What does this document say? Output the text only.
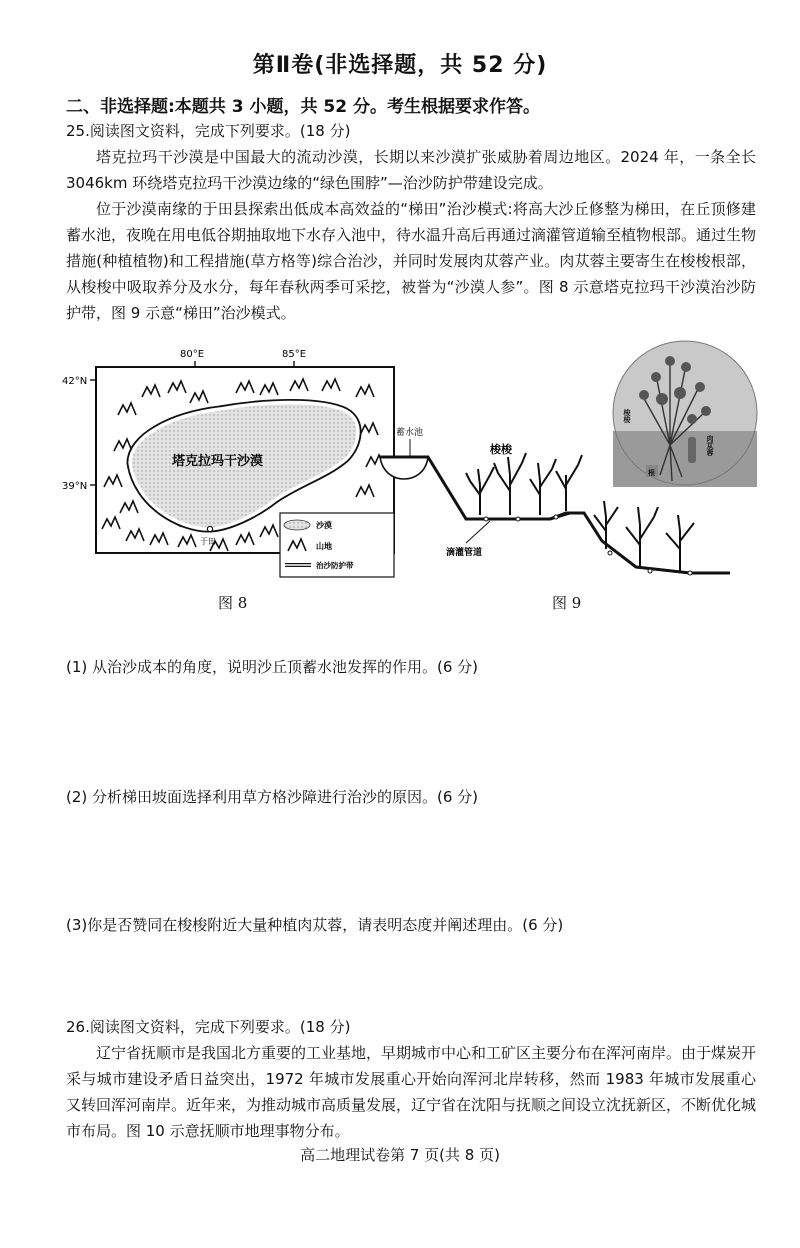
第Ⅱ卷(非选择题，共 52 分)
二、非选择题:本题共 3 小题，共 52 分。考生根据要求作答。
25.阅读图文资料，完成下列要求。(18 分)

塔克拉玛干沙漠是中国最大的流动沙漠，长期以来沙漠扩张威胁着周边地区。2024 年，一条全长 3046km 环绕塔克拉玛干沙漠边缘的“绿色围脖”—治沙防护带建设完成。

位于沙漠南缘的于田县探索出低成本高效益的“梯田”治沙模式:将高大沙丘修整为梯田，在丘顶修建蓄水池，夜晚在用电低谷期抽取地下水存入池中，待水温升高后再通过滴灌管道输至植物根部。通过生物措施(种植植物)和工程措施(草方格等)综合治沙，并同时发展肉苁蓉产业。肉苁蓉主要寄生在梭梭根部，从梭梭中吸取养分及水分，每年春秋两季可采挖，被誉为“沙漠人参”。图 8 示意塔克拉玛干沙漠治沙防护带，图 9 示意“梯田”治沙模式。

80°E	85°E
42°N
39°N
塔克拉玛干沙漠
于田
沙漠
山地
治沙防护带
图 8
蓄水池
梭梭
滴灌管道
梭梭
肉苁蓉
根
图 9
(1) 从治沙成本的角度，说明沙丘顶蓄水池发挥的作用。(6 分)
(2) 分析梯田坡面选择利用草方格沙障进行治沙的原因。(6 分)
(3)你是否赞同在梭梭附近大量种植肉苁蓉，请表明态度并阐述理由。(6 分)
26.阅读图文资料，完成下列要求。(18 分)

辽宁省抚顺市是我国北方重要的工业基地，早期城市中心和工矿区主要分布在浑河南岸。由于煤炭开采与城市建设矛盾日益突出，1972 年城市发展重心开始向浑河北岸转移，然而 1983 年城市发展重心又转回浑河南岸。近年来，为推动城市高质量发展，辽宁省在沈阳与抚顺之间设立沈抚新区，不断优化城市布局。图 10 示意抚顺市地理事物分布。

高二地理试卷第 7 页(共 8 页)
